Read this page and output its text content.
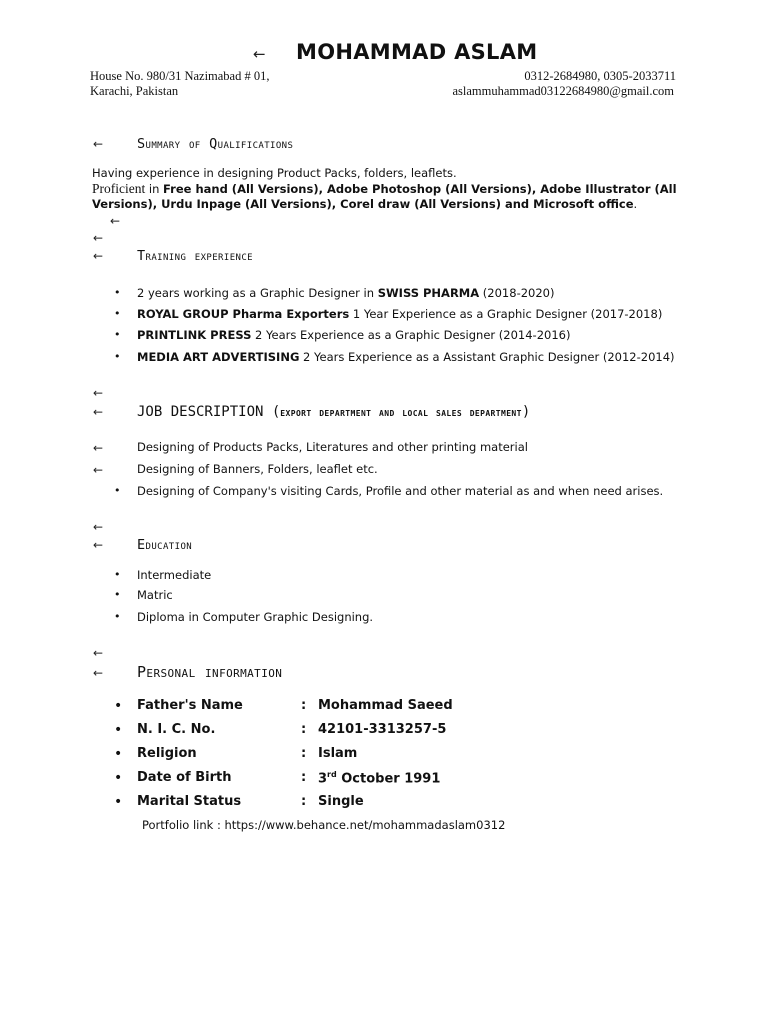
← MOHAMMAD ASLAM
House No. 980/31 Nazimabad # 01,
Karachi, Pakistan
0312-2684980, 0305-2033711
aslammuhammad03122684980@gmail.com
←	Summary of Qualifications
Having experience in designing Product Packs, folders, leaflets.
Proficient in Free hand (All Versions), Adobe Photoshop (All Versions), Adobe Illustrator (All
Versions), Urdu Inpage (All Versions), Corel draw (All Versions) and Microsoft office.
←
←
←	Training experience
• 2 years working as a Graphic Designer in SWISS PHARMA (2018-2020)
• ROYAL GROUP Pharma Exporters 1 Year Experience as a Graphic Designer (2017-2018)
• PRINTLINK PRESS 2 Years Experience as a Graphic Designer (2014-2016)
• MEDIA ART ADVERTISING 2 Years Experience as a Assistant Graphic Designer (2012-2014)
←
← JOB DESCRIPTION (export department and local sales department)
←	Designing of Products Packs, Literatures and other printing material
←	Designing of Banners, Folders, leaflet etc.
• Designing of Company's visiting Cards, Profile and other material as and when need arises.
←
←	Education
• Intermediate
• Matric
• Diploma in Computer Graphic Designing.
←
← Personal information
• Father's Name	: Mohammad Saeed
• N. I. C. No.	: 42101-3313257-5
• Religion	: Islam
• Date of Birth	: 3rd October 1991
• Marital Status	: Single
Portfolio link : https://www.behance.net/mohammadaslam0312
